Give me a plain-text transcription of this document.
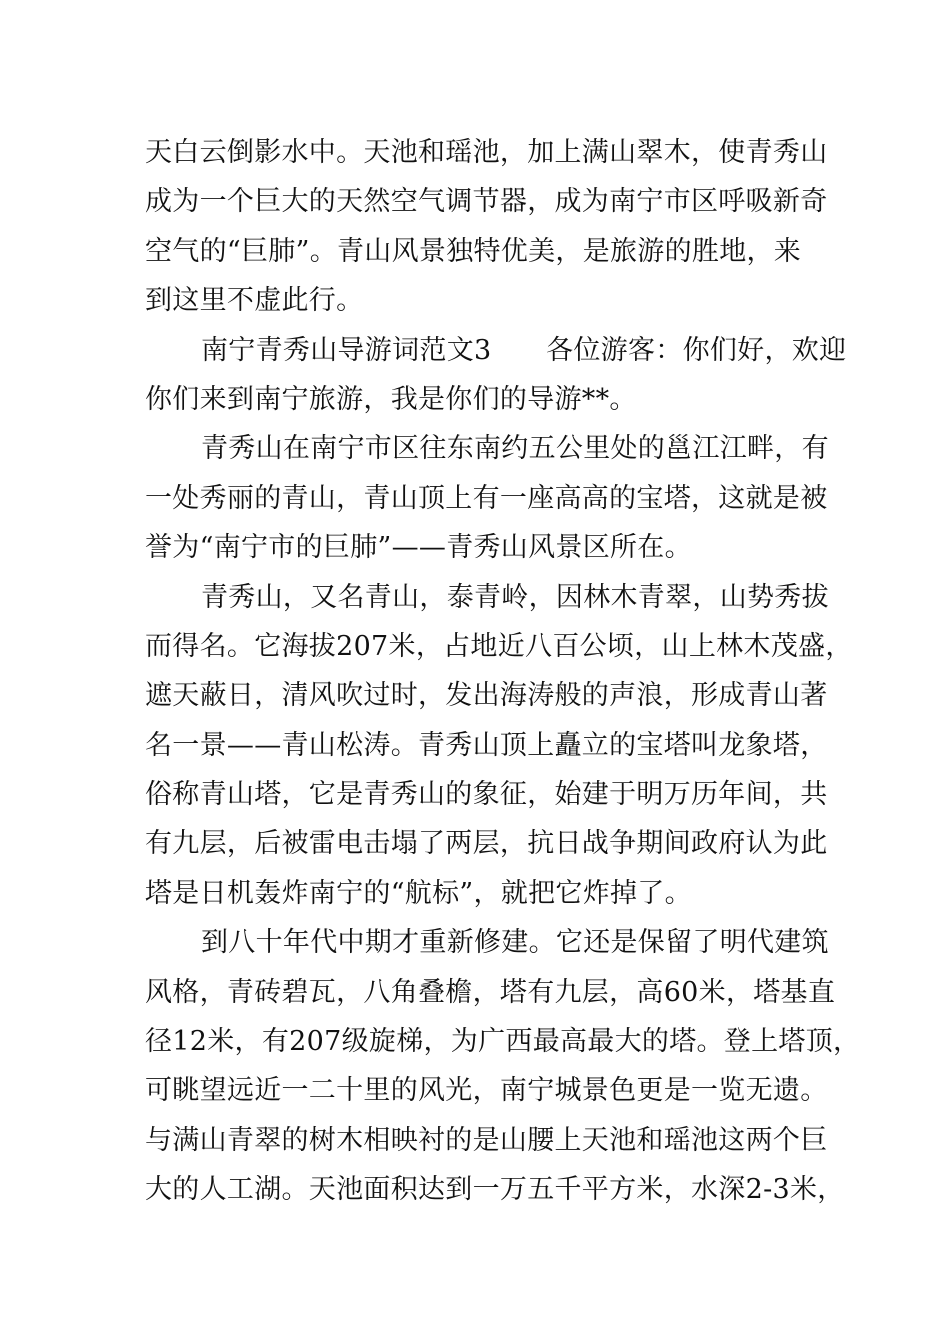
天白云倒影水中。天池和瑶池，加上满山翠木，使青秀山
成为一个巨大的天然空气调节器，成为南宁市区呼吸新奇
空气的“巨肺”。青山风景独特优美，是旅游的胜地，来
到这里不虚此行。
南宁青秀山导游词范文3　　各位游客：你们好，欢迎
你们来到南宁旅游，我是你们的导游**。
青秀山在南宁市区往东南约五公里处的邕江江畔，有
一处秀丽的青山，青山顶上有一座高高的宝塔，这就是被
誉为“南宁市的巨肺”——青秀山风景区所在。
青秀山，又名青山，泰青岭，因林木青翠，山势秀拔
而得名。它海拔207米，占地近八百公顷，山上林木茂盛，
遮天蔽日，清风吹过时，发出海涛般的声浪，形成青山著
名一景——青山松涛。青秀山顶上矗立的宝塔叫龙象塔，
俗称青山塔，它是青秀山的象征，始建于明万历年间，共
有九层，后被雷电击塌了两层，抗日战争期间政府认为此
塔是日机轰炸南宁的“航标”，就把它炸掉了。
到八十年代中期才重新修建。它还是保留了明代建筑
风格，青砖碧瓦，八角叠檐，塔有九层，高60米，塔基直
径12米，有207级旋梯，为广西最高最大的塔。登上塔顶，
可眺望远近一二十里的风光，南宁城景色更是一览无遗。
与满山青翠的树木相映衬的是山腰上天池和瑶池这两个巨
大的人工湖。天池面积达到一万五千平方米，水深2-3米，
